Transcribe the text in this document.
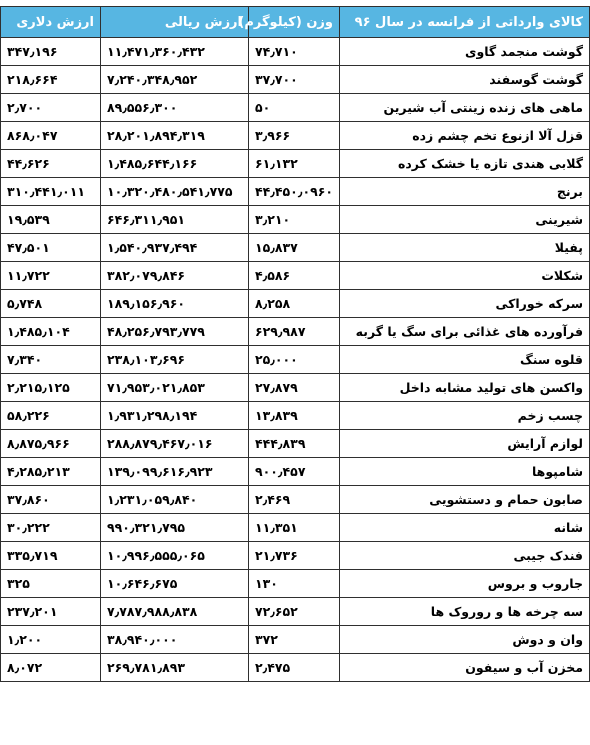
کالای وارداتی از فرانسه در سال ۹۶	وزن (کیلوگرم)	ارزش ریالی	ارزش دلاری
گوشت منجمد گاوی	۷۴٫۷۱۰	۱۱٫۴۷۱٫۳۶۰٫۴۳۲	۳۴۷٫۱۹۶
گوشت گوسفند	۳۷٫۷۰۰	۷٫۲۴۰٫۳۴۸٫۹۵۲	۲۱۸٫۶۶۴
ماهی های زنده زینتی آب شیرین	۵۰	۸۹٫۵۵۶٫۳۰۰	۲٫۷۰۰
قزل آلا ازنوع تخم چشم زده	۳٫۹۶۶	۲۸٫۲۰۱٫۸۹۴٫۳۱۹	۸۶۸٫۰۴۷
گلابی هندی تازه یا خشک کرده	۶۱٫۱۳۲	۱٫۴۸۵٫۶۴۴٫۱۶۶	۴۴٫۶۲۶
برنج	۴۴٫۴۵۰٫۰۹۶۰	۱۰٫۳۲۰٫۴۸۰٫۵۴۱٫۷۷۵	۳۱۰٫۴۴۱٫۰۱۱
شیرینی	۳٫۲۱۰	۶۴۶٫۳۱۱٫۹۵۱	۱۹٫۵۳۹
پفیلا	۱۵٫۸۳۷	۱٫۵۴۰٫۹۳۷٫۴۹۴	۴۷٫۵۰۱
شکلات	۴٫۵۸۶	۳۸۲٫۰۷۹٫۸۴۶	۱۱٫۷۲۲
سرکه خوراکی	۸٫۲۵۸	۱۸۹٫۱۵۶٫۹۶۰	۵٫۷۴۸
فرآورده های غذائی برای سگ یا گربه	۶۲۹٫۹۸۷	۴۸٫۲۵۶٫۷۹۳٫۷۷۹	۱٫۴۸۵٫۱۰۴
قلوه سنگ	۲۵٫۰۰۰	۲۳۸٫۱۰۳٫۶۹۶	۷٫۳۴۰
واکسن های تولید مشابه داخل	۲۷٫۸۷۹	۷۱٫۹۵۳٫۰۲۱٫۸۵۳	۲٫۲۱۵٫۱۲۵
چسب زخم	۱۳٫۸۳۹	۱٫۹۳۱٫۲۹۸٫۱۹۴	۵۸٫۲۲۶
لوازم آرایش	۴۴۴٫۸۳۹	۲۸۸٫۸۷۹٫۴۶۷٫۰۱۶	۸٫۸۷۵٫۹۶۶
شامپوها	۹۰۰٫۴۵۷	۱۳۹٫۰۹۹٫۶۱۶٫۹۲۳	۴٫۲۸۵٫۲۱۳
صابون حمام و دستشویی	۲٫۴۶۹	۱٫۲۳۱٫۰۵۹٫۸۴۰	۳۷٫۸۶۰
شانه	۱۱٫۳۵۱	۹۹۰٫۳۲۱٫۷۹۵	۳۰٫۲۲۲
فندک جیبی	۲۱٫۷۳۶	۱۰٫۹۹۶٫۵۵۵٫۰۶۵	۳۳۵٫۷۱۹
جاروب و بروس	۱۳۰	۱۰٫۶۴۶٫۶۷۵	۳۲۵
سه چرخه ها و روروک ها	۷۲٫۶۵۲	۷٫۷۸۷٫۹۸۸٫۸۳۸	۲۳۷٫۲۰۱
وان و دوش	۳۷۲	۳۸٫۹۴۰٫۰۰۰	۱٫۲۰۰
مخزن آب و سیفون	۲٫۴۷۵	۲۶۹٫۷۸۱٫۸۹۳	۸٫۰۷۲
